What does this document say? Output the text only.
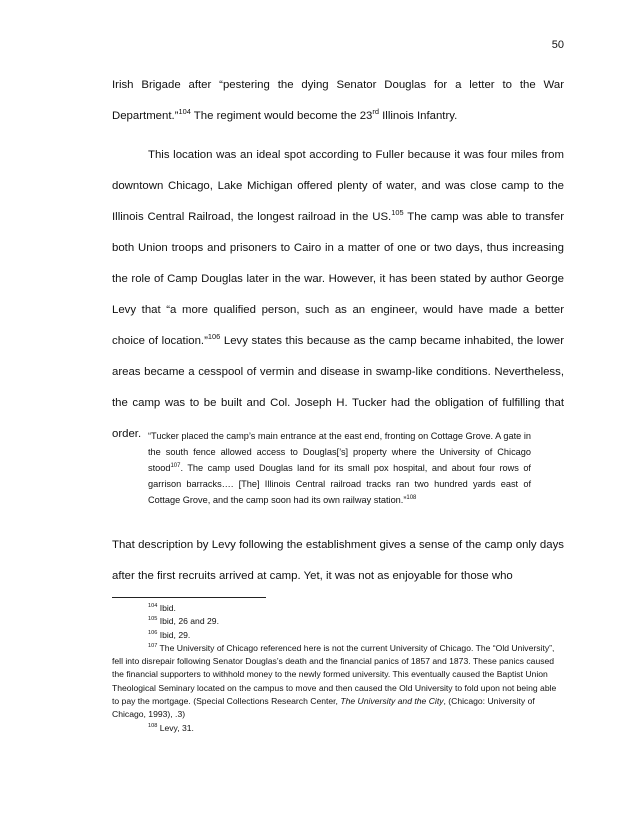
50

Irish Brigade after “pestering the dying Senator Douglas for a letter to the War

Department.”$^{104}$ The regiment would become the 23rd Illinois Infantry.

This location was an ideal spot according to Fuller because it was four miles from downtown Chicago, Lake Michigan offered plenty of water, and was close camp to the Illinois Central Railroad, the longest railroad in the US.$^{105}$ The camp was able to transfer both Union troops and prisoners to Cairo in a matter of one or two days, thus increasing the role of Camp Douglas later in the war. However, it has been stated by author George Levy that “a more qualified person, such as an engineer, would have made a better choice of location.”$^{106}$ Levy states this because as the camp became inhabited, the lower areas became a cesspool of vermin and disease in swamp-like conditions. Nevertheless, the camp was to be built and Col. Joseph H. Tucker had the obligation of fulfilling that order. “Tucker placed the camp’s main entrance at the east end, fronting on Cottage Grove. A gate in the south fence allowed access to Douglas[’s] property where the University of Chicago stood$^{107}$. The camp used Douglas land for its small pox hospital, and about four rows of garrison barracks…. [The] Illinois Central railroad tracks ran two hundred yards east of Cottage Grove, and the camp soon had its own railway station.”$^{108}$

That description by Levy following the establishment gives a sense of the camp only days after the first recruits arrived at camp. Yet, it was not as enjoyable for those who

$^{104}$ Ibid.

$^{105}$ Ibid, 26 and 29.

$^{106}$ Ibid, 29.

$^{107}$ The University of Chicago referenced here is not the current University of Chicago. The “Old University”, fell into disrepair following Senator Douglas’s death and the financial panics of 1857 and 1873. These panics caused the financial supporters to withhold money to the newly formed university. This eventually caused the Baptist Union Theological Seminary located on the campus to move and then caused the Old University to fold upon not being able to pay the mortgage. (Special Collections Research Center, The University and the City, (Chicago: University of Chicago, 1993), .3)

$^{108}$ Levy, 31.
